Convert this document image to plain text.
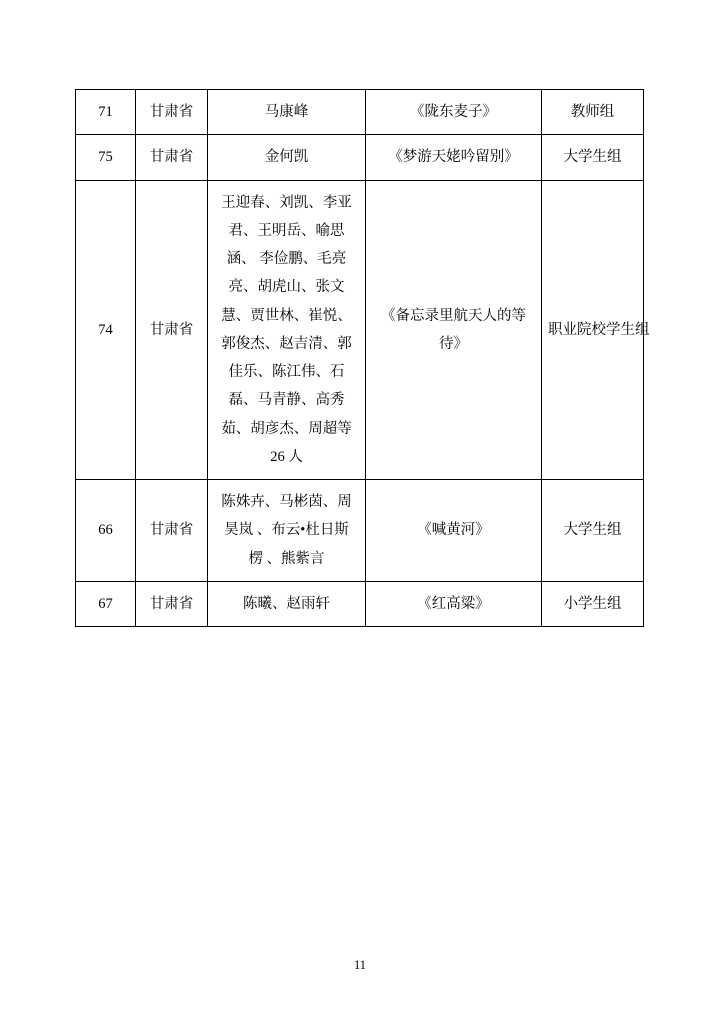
71	甘肃省	马康峰	《陇东麦子》	教师组
75	甘肃省	金何凯	《梦游天姥吟留别》	大学生组
74	甘肃省	王迎春、刘凯、李亚君、王明岳、喻思涵、 李俭鹏、毛亮亮、胡虎山、张文慧、贾世林、崔悦、郭俊杰、赵吉清、郭佳乐、陈江伟、石磊、马青静、高秀茹、胡彦杰、周超等 26 人	《备忘录里航天人的等待》	职业院校学生组
66	甘肃省	陈姝卉、马彬茵、周昊岚 、布云•杜日斯楞 、熊紫言	《喊黄河》	大学生组
67	甘肃省	陈曦、赵雨轩	《红高粱》	小学生组
11
